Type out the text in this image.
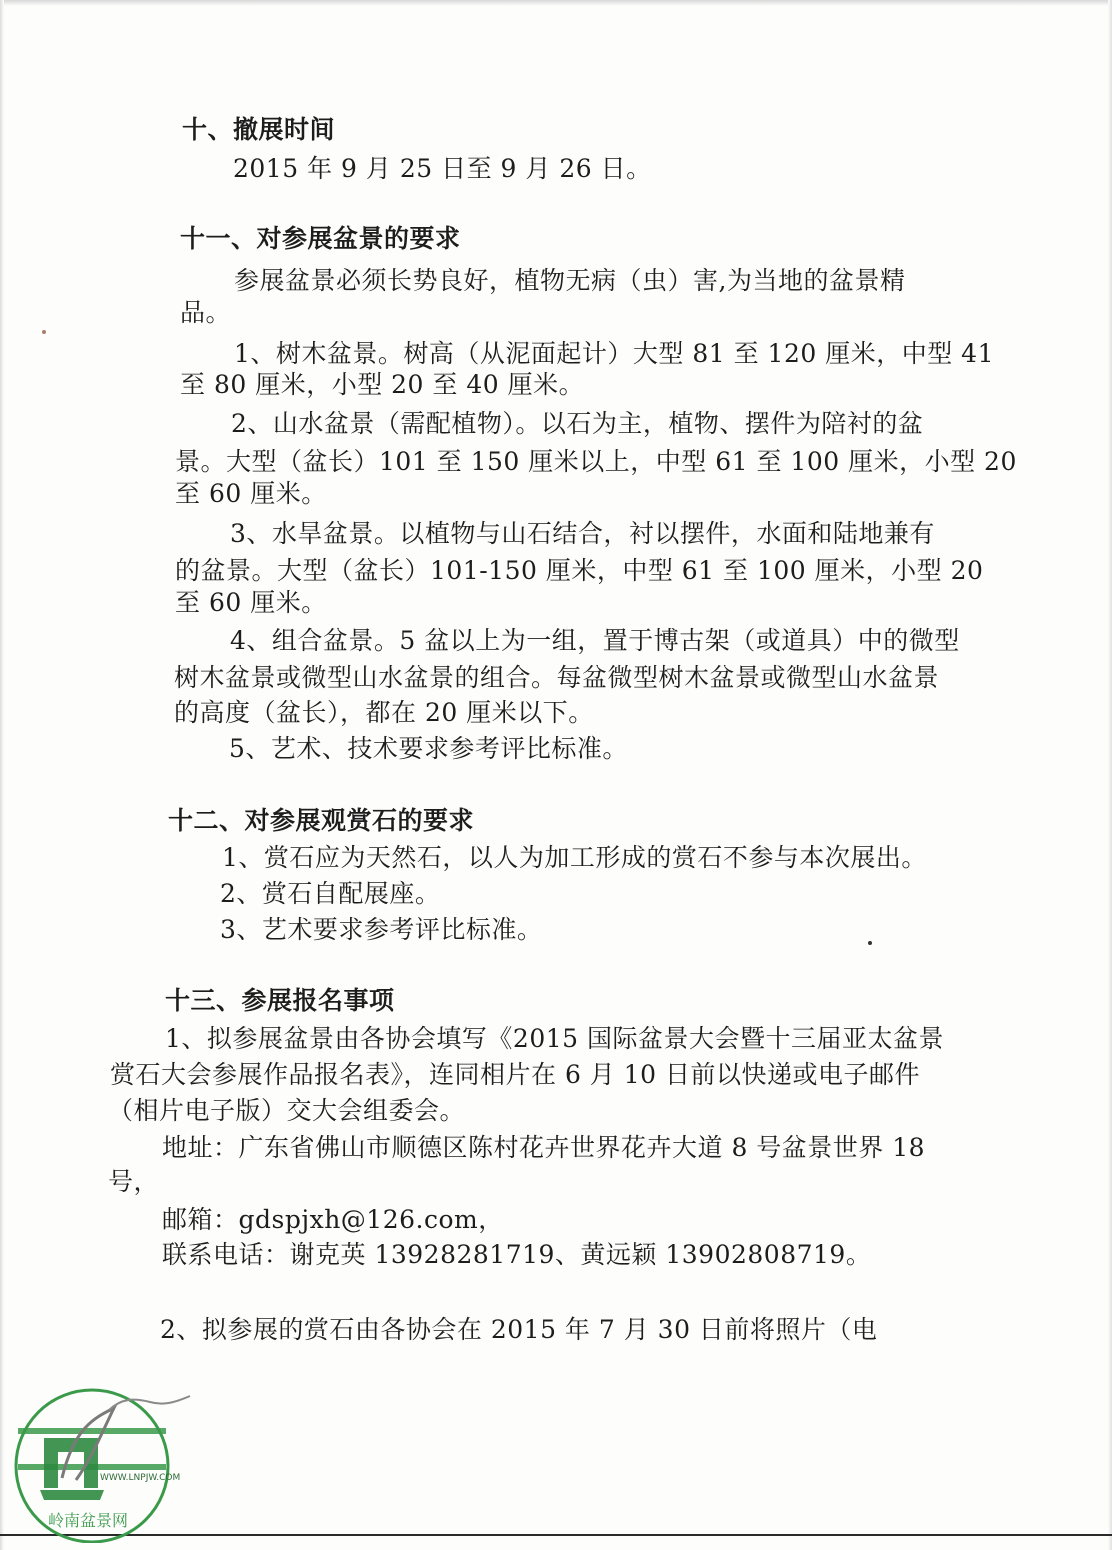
十、撤展时间
2015 年 9 月 25 日至 9 月 26 日。
十一、对参展盆景的要求
参展盆景必须长势良好，植物无病（虫）害,为当地的盆景精
品。
1、树木盆景。树高（从泥面起计）大型 81 至 120 厘米，中型 41
至 80 厘米，小型 20 至 40 厘米。
2、山水盆景（需配植物）。以石为主，植物、摆件为陪衬的盆
景。大型（盆长）101 至 150 厘米以上，中型 61 至 100 厘米，小型 20
至 60 厘米。
3、水旱盆景。以植物与山石结合，衬以摆件，水面和陆地兼有
的盆景。大型（盆长）101-150 厘米，中型 61 至 100 厘米，小型 20
至 60 厘米。
4、组合盆景。5 盆以上为一组，置于博古架（或道具）中的微型
树木盆景或微型山水盆景的组合。每盆微型树木盆景或微型山水盆景
的高度（盆长），都在 20 厘米以下。
5、艺术、技术要求参考评比标准。
十二、对参展观赏石的要求
1、赏石应为天然石，以人为加工形成的赏石不参与本次展出。
2、赏石自配展座。
3、艺术要求参考评比标准。
十三、参展报名事项
1、拟参展盆景由各协会填写《2015 国际盆景大会暨十三届亚太盆景
赏石大会参展作品报名表》，连同相片在 6 月 10 日前以快递或电子邮件
（相片电子版）交大会组委会。
地址：广东省佛山市顺德区陈村花卉世界花卉大道 8 号盆景世界 18
号，
邮箱：gdspjxh@126.com，
联系电话：谢克英 13928281719、黄远颖 13902808719。
2、拟参展的赏石由各协会在 2015 年 7 月 30 日前将照片（电
WWW.LNPJW.COM
岭南盆景网
